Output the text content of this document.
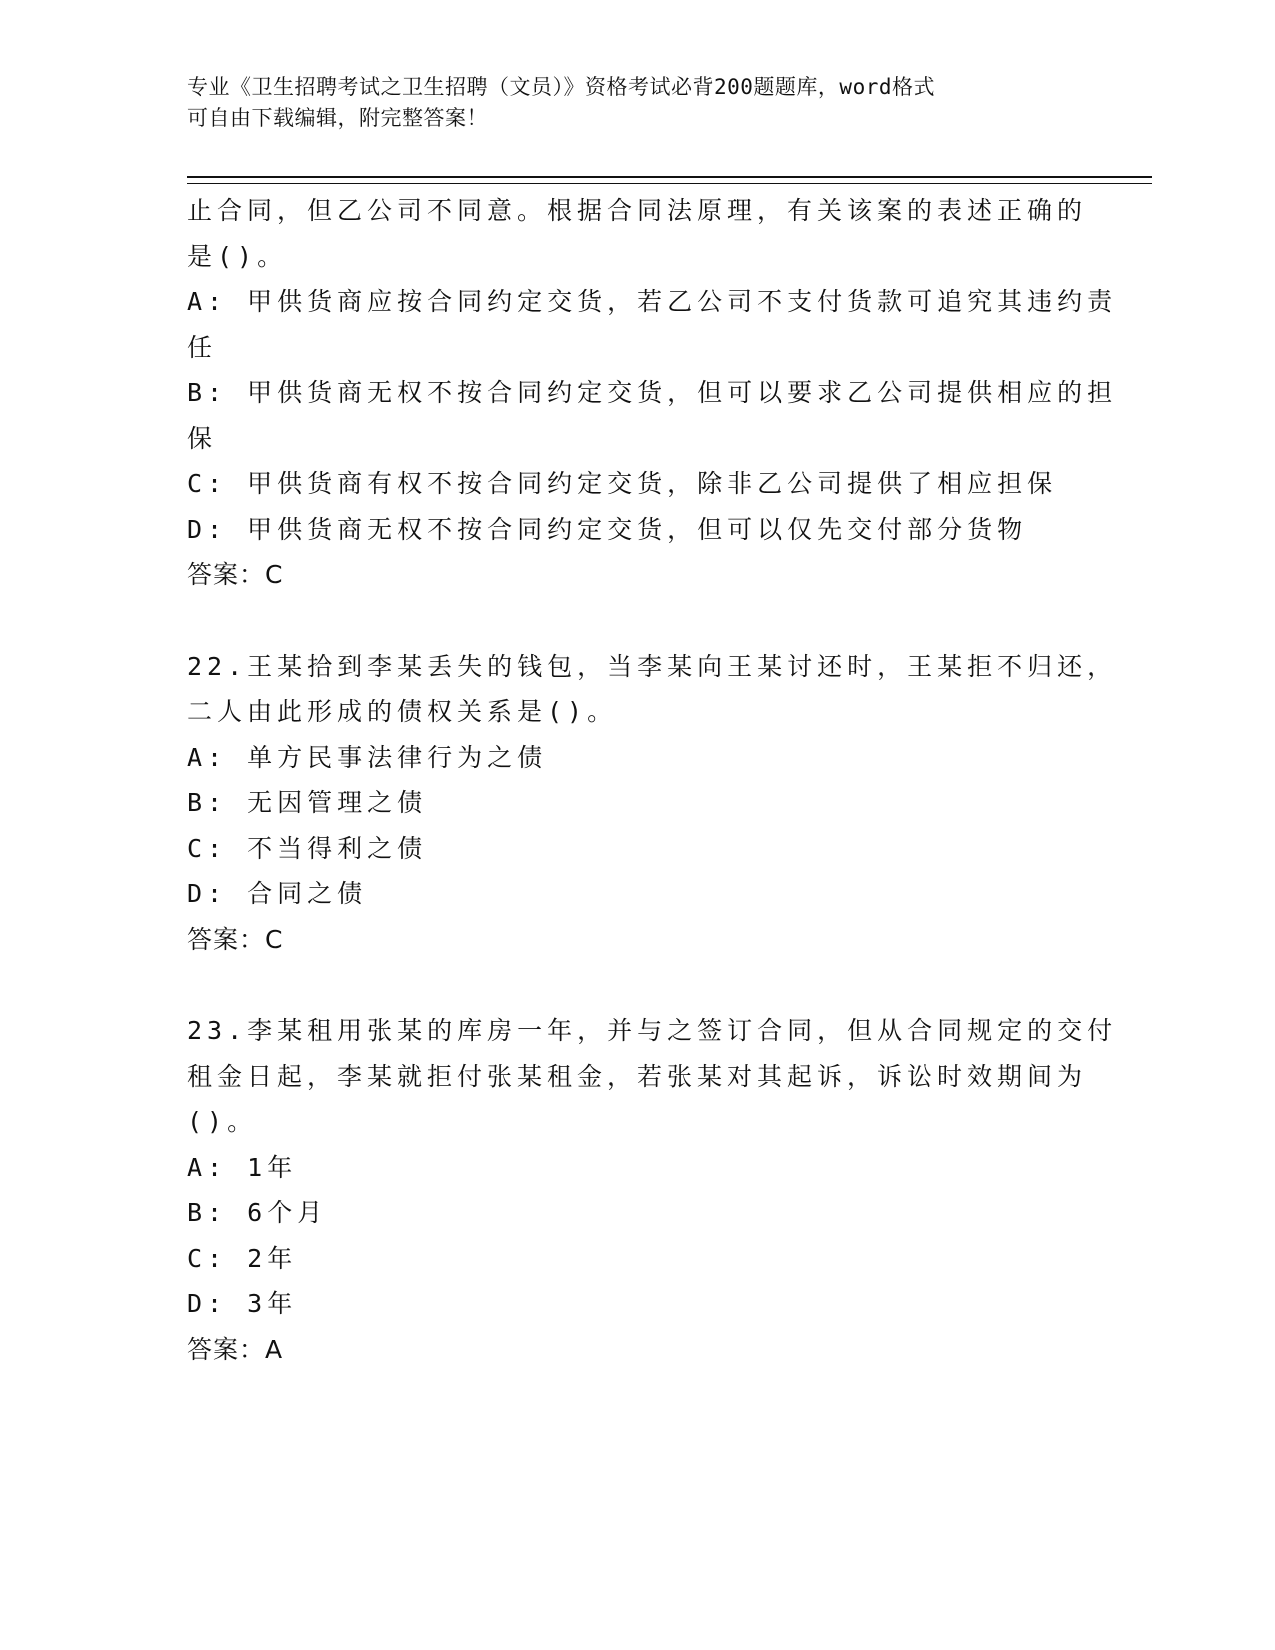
专业《卫生招聘考试之卫生招聘（文员）》资格考试必背200题题库，word格式
可自由下载编辑，附完整答案！
止合同，但乙公司不同意。根据合同法原理，有关该案的表述正确的
是()。
A: 甲供货商应按合同约定交货，若乙公司不支付货款可追究其违约责
任
B: 甲供货商无权不按合同约定交货，但可以要求乙公司提供相应的担
保
C: 甲供货商有权不按合同约定交货，除非乙公司提供了相应担保
D: 甲供货商无权不按合同约定交货，但可以仅先交付部分货物
答案：C
22.王某拾到李某丢失的钱包，当李某向王某讨还时，王某拒不归还，
二人由此形成的债权关系是()。
A: 单方民事法律行为之债
B: 无因管理之债
C: 不当得利之债
D: 合同之债
答案：C
23.李某租用张某的库房一年，并与之签订合同，但从合同规定的交付
租金日起，李某就拒付张某租金，若张某对其起诉，诉讼时效期间为
()。
A: 1年
B: 6个月
C: 2年
D: 3年
答案：A
